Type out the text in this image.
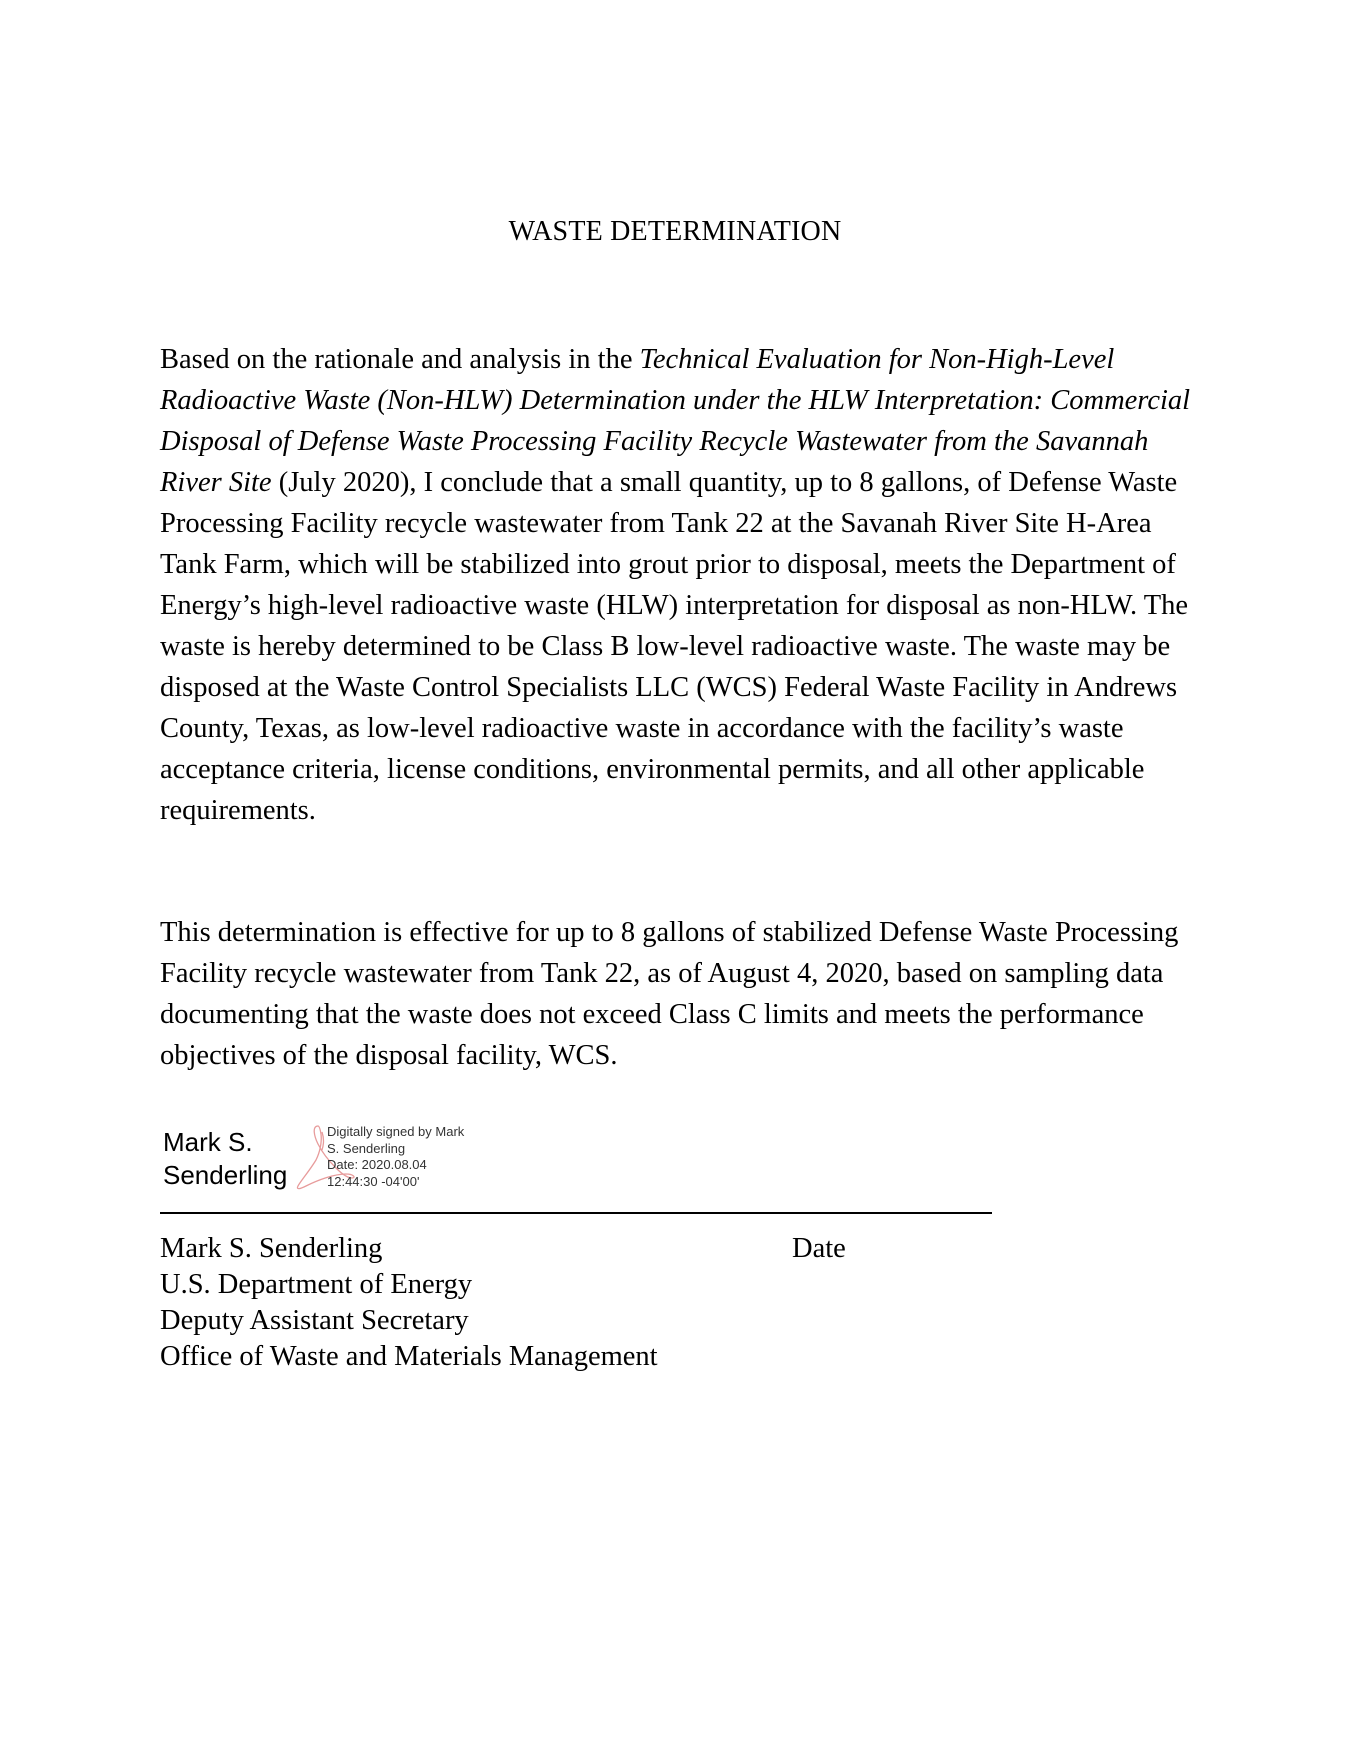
WASTE DETERMINATION

Based on the rationale and analysis in the Technical Evaluation for Non-High-Level Radioactive Waste (Non-HLW) Determination under the HLW Interpretation: Commercial Disposal of Defense Waste Processing Facility Recycle Wastewater from the Savannah River Site (July 2020), I conclude that a small quantity, up to 8 gallons, of Defense Waste Processing Facility recycle wastewater from Tank 22 at the Savanah River Site H-Area Tank Farm, which will be stabilized into grout prior to disposal, meets the Department of Energy’s high-level radioactive waste (HLW) interpretation for disposal as non-HLW. The waste is hereby determined to be Class B low-level radioactive waste. The waste may be disposed at the Waste Control Specialists LLC (WCS) Federal Waste Facility in Andrews County, Texas, as low-level radioactive waste in accordance with the facility’s waste acceptance criteria, license conditions, environmental permits, and all other applicable requirements.

This determination is effective for up to 8 gallons of stabilized Defense Waste Processing Facility recycle wastewater from Tank 22, as of August 4, 2020, based on sampling data documenting that the waste does not exceed Class C limits and meets the performance objectives of the disposal facility, WCS.

Mark S.
Senderling
Digitally signed by Mark
S. Senderling
Date: 2020.08.04
12:44:30 -04'00'
Mark S. Senderling
U.S. Department of Energy
Deputy Assistant Secretary
Office of Waste and Materials Management
Date
